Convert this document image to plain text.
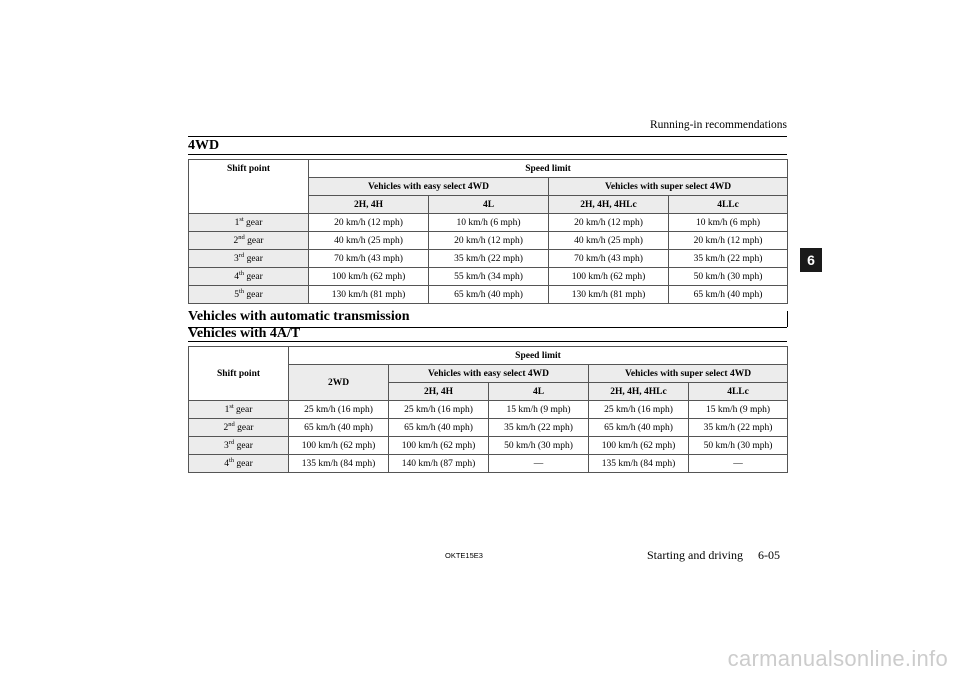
Running-in recommendations
4WD
Shift point	Speed limit			
	Vehicles with easy select 4WD		Vehicles with super select 4WD	
	2H, 4H	4L	2H, 4H, 4HLc	4LLc
1st gear	20 km/h (12 mph)	10 km/h (6 mph)	20 km/h (12 mph)	10 km/h (6 mph)
2nd gear	40 km/h (25 mph)	20 km/h (12 mph)	40 km/h (25 mph)	20 km/h (12 mph)
3rd gear	70 km/h (43 mph)	35 km/h (22 mph)	70 km/h (43 mph)	35 km/h (22 mph)
4th gear	100 km/h (62 mph)	55 km/h (34 mph)	100 km/h (62 mph)	50 km/h (30 mph)
5th gear	130 km/h (81 mph)	65 km/h (40 mph)	130 km/h (81 mph)	65 km/h (40 mph)
Vehicles with automatic transmission
Vehicles with 4A/T
Shift point	Speed limit				
	2WD	Vehicles with easy select 4WD		Vehicles with super select 4WD	
		2H, 4H	4L	2H, 4H, 4HLc	4LLc
1st gear	25 km/h (16 mph)	25 km/h (16 mph)	15 km/h (9 mph)	25 km/h (16 mph)	15 km/h (9 mph)
2nd gear	65 km/h (40 mph)	65 km/h (40 mph)	35 km/h (22 mph)	65 km/h (40 mph)	35 km/h (22 mph)
3rd gear	100 km/h (62 mph)	100 km/h (62 mph)	50 km/h (30 mph)	100 km/h (62 mph)	50 km/h (30 mph)
4th gear	135 km/h (84 mph)	140 km/h (87 mph)	—	135 km/h (84 mph)	—
6
OKTE15E3	Starting and driving 6-05
carmanualsonline.info
